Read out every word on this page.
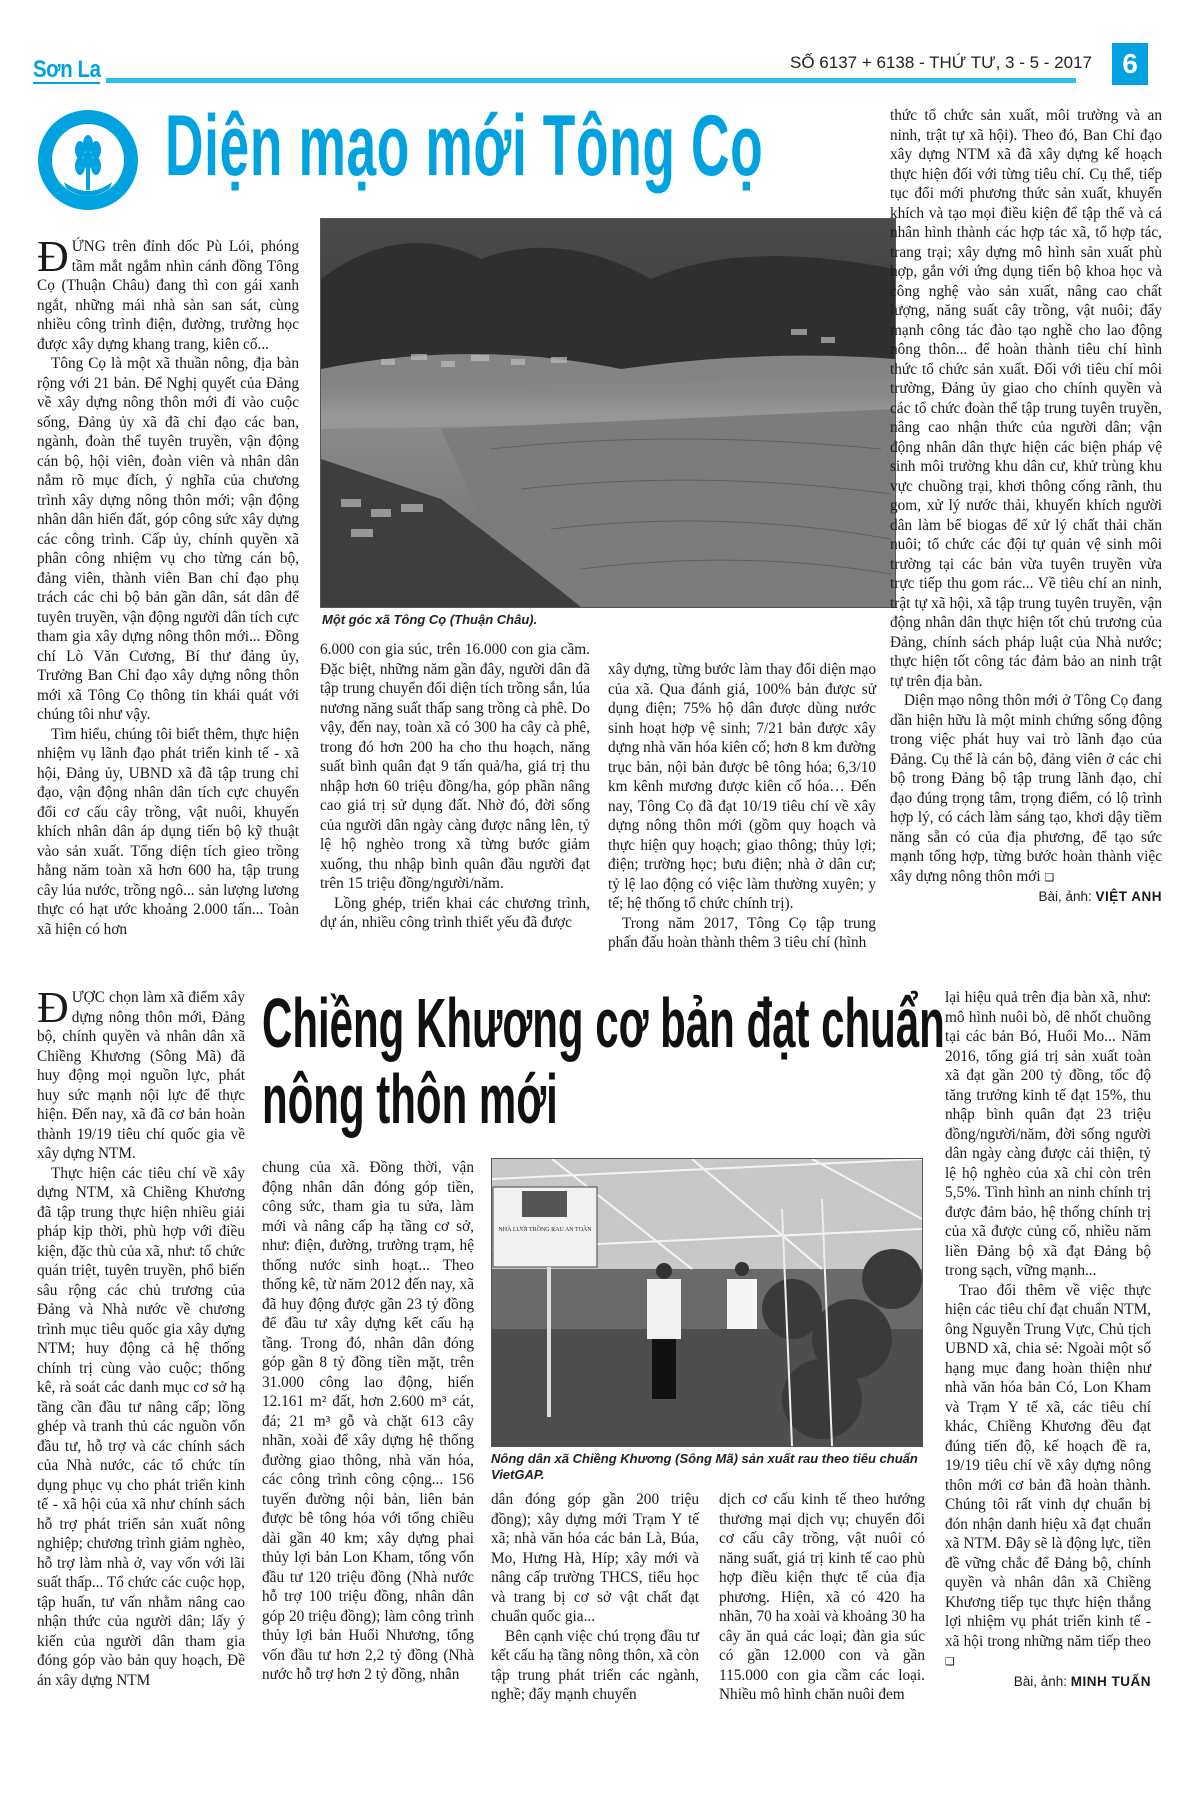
Sơn La	SỐ 6137 + 6138 - THỨ TƯ, 3 - 5 - 2017	6
Diện mạo mới Tông Cọ

ĐỨNG trên đỉnh dốc Pù Lói, phóng tầm mắt ngắm nhìn cánh đồng Tông Cọ (Thuận Châu) đang thì con gái xanh ngắt, những mái nhà sàn san sát, cùng nhiều công trình điện, đường, trường học được xây dựng khang trang, kiên cố...

Tông Cọ là một xã thuần nông, địa bàn rộng với 21 bản. Để Nghị quyết của Đảng về xây dựng nông thôn mới đi vào cuộc sống, Đảng ủy xã đã chỉ đạo các ban, ngành, đoàn thể tuyên truyền, vận động cán bộ, hội viên, đoàn viên và nhân dân nắm rõ mục đích, ý nghĩa của chương trình xây dựng nông thôn mới; vận động nhân dân hiến đất, góp công sức xây dựng các công trình. Cấp ủy, chính quyền xã phân công nhiệm vụ cho từng cán bộ, đảng viên, thành viên Ban chỉ đạo phụ trách các chi bộ bản gần dân, sát dân để tuyên truyền, vận động người dân tích cực tham gia xây dựng nông thôn mới... Đồng chí Lò Văn Cương, Bí thư đảng ủy, Trưởng Ban Chỉ đạo xây dựng nông thôn mới xã Tông Cọ thông tin khái quát với chúng tôi như vậy.

Tìm hiểu, chúng tôi biết thêm, thực hiện nhiệm vụ lãnh đạo phát triển kinh tế - xã hội, Đảng ủy, UBND xã đã tập trung chỉ đạo, vận động nhân dân tích cực chuyển đổi cơ cấu cây trồng, vật nuôi, khuyến khích nhân dân áp dụng tiến bộ kỹ thuật vào sản xuất. Tổng diện tích gieo trồng hằng năm toàn xã hơn 600 ha, tập trung cây lúa nước, trồng ngô... sản lượng lương thực có hạt ước khoảng 2.000 tấn... Toàn xã hiện có hơn

Một góc xã Tông Cọ (Thuận Châu).

6.000 con gia súc, trên 16.000 con gia cầm. Đặc biệt, những năm gần đây, người dân đã tập trung chuyển đổi diện tích trồng sắn, lúa nương năng suất thấp sang trồng cà phê. Do vậy, đến nay, toàn xã có 300 ha cây cà phê, trong đó hơn 200 ha cho thu hoạch, năng suất bình quân đạt 9 tấn quả/ha, giá trị thu nhập hơn 60 triệu đồng/ha, góp phần nâng cao giá trị sử dụng đất. Nhờ đó, đời sống của người dân ngày càng được nâng lên, tỷ lệ hộ nghèo trong xã từng bước giảm xuống, thu nhập bình quân đầu người đạt trên 15 triệu đồng/người/năm.

Lồng ghép, triển khai các chương trình, dự án, nhiều công trình thiết yếu đã được

xây dựng, từng bước làm thay đổi diện mạo của xã. Qua đánh giá, 100% bản được sử dụng điện; 75% hộ dân được dùng nước sinh hoạt hợp vệ sinh; 7/21 bản được xây dựng nhà văn hóa kiên cố; hơn 8 km đường trục bản, nội bản được bê tông hóa; 6,3/10 km kênh mương được kiên cố hóa… Đến nay, Tông Cọ đã đạt 10/19 tiêu chí về xây dựng nông thôn mới (gồm quy hoạch và thực hiện quy hoạch; giao thông; thủy lợi; điện; trường học; bưu điện; nhà ở dân cư; tỷ lệ lao động có việc làm thường xuyên; y tế; hệ thống tổ chức chính trị).

Trong năm 2017, Tông Cọ tập trung phấn đấu hoàn thành thêm 3 tiêu chí (hình

thức tổ chức sản xuất, môi trường và an ninh, trật tự xã hội). Theo đó, Ban Chỉ đạo xây dựng NTM xã đã xây dựng kế hoạch thực hiện đối với từng tiêu chí. Cụ thể, tiếp tục đổi mới phương thức sản xuất, khuyến khích và tạo mọi điều kiện để tập thể và cá nhân hình thành các hợp tác xã, tổ hợp tác, trang trại; xây dựng mô hình sản xuất phù hợp, gắn với ứng dụng tiến bộ khoa học và công nghệ vào sản xuất, nâng cao chất lượng, năng suất cây trồng, vật nuôi; đẩy mạnh công tác đào tạo nghề cho lao động nông thôn... để hoàn thành tiêu chí hình thức tổ chức sản xuất. Đối với tiêu chí môi trường, Đảng ủy giao cho chính quyền và các tổ chức đoàn thể tập trung tuyên truyền, nâng cao nhận thức của người dân; vận động nhân dân thực hiện các biện pháp vệ sinh môi trường khu dân cư, khử trùng khu vực chuồng trại, khơi thông cống rãnh, thu gom, xử lý nước thải, khuyến khích người dân làm bể biogas để xử lý chất thải chăn nuôi; tổ chức các đội tự quản vệ sinh môi trường tại các bản vừa tuyên truyền vừa trực tiếp thu gom rác... Về tiêu chí an ninh, trật tự xã hội, xã tập trung tuyên truyền, vận động nhân dân thực hiện tốt chủ trương của Đảng, chính sách pháp luật của Nhà nước; thực hiện tốt công tác đảm bảo an ninh trật tự trên địa bàn.

Diện mạo nông thôn mới ở Tông Cọ đang dần hiện hữu là một minh chứng sống động trong việc phát huy vai trò lãnh đạo của Đảng. Cụ thể là cán bộ, đảng viên ở các chi bộ trong Đảng bộ tập trung lãnh đạo, chỉ đạo đúng trọng tâm, trọng điểm, có lộ trình hợp lý, có cách làm sáng tạo, khơi dậy tiềm năng sẵn có của địa phương, để tạo sức mạnh tổng hợp, từng bước hoàn thành việc xây dựng nông thôn mới ❑

Bài, ảnh: VIỆT ANH

ĐƯỢC chọn làm xã điểm xây dựng nông thôn mới, Đảng bộ, chính quyền và nhân dân xã Chiềng Khương (Sông Mã) đã huy động mọi nguồn lực, phát huy sức mạnh nội lực để thực hiện. Đến nay, xã đã cơ bản hoàn thành 19/19 tiêu chí quốc gia về xây dựng NTM.

Thực hiện các tiêu chí về xây dựng NTM, xã Chiềng Khương đã tập trung thực hiện nhiều giải pháp kịp thời, phù hợp với điều kiện, đặc thù của xã, như: tổ chức quán triệt, tuyên truyền, phổ biến sâu rộng các chủ trương của Đảng và Nhà nước về chương trình mục tiêu quốc gia xây dựng NTM; huy động cả hệ thống chính trị cùng vào cuộc; thống kê, rà soát các danh mục cơ sở hạ tầng cần đầu tư nâng cấp; lồng ghép và tranh thủ các nguồn vốn đầu tư, hỗ trợ và các chính sách của Nhà nước, các tổ chức tín dụng phục vụ cho phát triển kinh tế - xã hội của xã như chính sách hỗ trợ phát triển sản xuất nông nghiệp; chương trình giảm nghèo, hỗ trợ làm nhà ở, vay vốn với lãi suất thấp... Tổ chức các cuộc họp, tập huấn, tư vấn nhằm nâng cao nhận thức của người dân; lấy ý kiến của người dân tham gia đóng góp vào bản quy hoạch, Đề án xây dựng NTM

Chiềng Khương cơ bản đạt chuẩn
nông thôn mới

chung của xã. Đồng thời, vận động nhân dân đóng góp tiền, công sức, tham gia tu sửa, làm mới và nâng cấp hạ tầng cơ sở, như: điện, đường, trường trạm, hệ thống nước sinh hoạt... Theo thống kê, từ năm 2012 đến nay, xã đã huy động được gần 23 tỷ đồng để đầu tư xây dựng kết cấu hạ tầng. Trong đó, nhân dân đóng góp gần 8 tỷ đồng tiền mặt, trên 31.000 công lao động, hiến 12.161 m² đất, hơn 2.600 m³ cát, đá; 21 m³ gỗ và chặt 613 cây nhãn, xoài để xây dựng hệ thống đường giao thông, nhà văn hóa, các công trình công cộng... 156 tuyến đường nội bản, liên bản được bê tông hóa với tổng chiều dài gần 40 km; xây dựng phai thủy lợi bản Lon Kham, tổng vốn đầu tư 120 triệu đồng (Nhà nước hỗ trợ 100 triệu đồng, nhân dân góp 20 triệu đồng); làm công trình thủy lợi bản Huổi Nhương, tổng vốn đầu tư hơn 2,2 tỷ đồng (Nhà nước hỗ trợ hơn 2 tỷ đồng, nhân

NHÀ LƯỚI TRỒNG RAU AN TOÀN
Nông dân xã Chiềng Khương (Sông Mã) sản xuất rau theo tiêu chuẩn VietGAP.

dân đóng góp gần 200 triệu đồng); xây dựng mới Trạm Y tế xã; nhà văn hóa các bản Là, Búa, Mo, Hưng Hà, Híp; xây mới và nâng cấp trường THCS, tiểu học và trang bị cơ sở vật chất đạt chuẩn quốc gia...

Bên cạnh việc chú trọng đầu tư kết cấu hạ tầng nông thôn, xã còn tập trung phát triển các ngành, nghề; đẩy mạnh chuyển

dịch cơ cấu kinh tế theo hướng thương mại dịch vụ; chuyển đổi cơ cấu cây trồng, vật nuôi có năng suất, giá trị kinh tế cao phù hợp điều kiện thực tế của địa phương. Hiện, xã có 420 ha nhãn, 70 ha xoài và khoảng 30 ha cây ăn quả các loại; đàn gia súc có gần 12.000 con và gần 115.000 con gia cầm các loại. Nhiều mô hình chăn nuôi đem

lại hiệu quả trên địa bàn xã, như: mô hình nuôi bò, dê nhốt chuồng tại các bản Bó, Huổi Mo... Năm 2016, tổng giá trị sản xuất toàn xã đạt gần 200 tỷ đồng, tốc độ tăng trưởng kinh tế đạt 15%, thu nhập bình quân đạt 23 triệu đồng/người/năm, đời sống người dân ngày càng được cải thiện, tỷ lệ hộ nghèo của xã chỉ còn trên 5,5%. Tình hình an ninh chính trị được đảm bảo, hệ thống chính trị của xã được củng cố, nhiều năm liền Đảng bộ xã đạt Đảng bộ trong sạch, vững mạnh...

Trao đổi thêm về việc thực hiện các tiêu chí đạt chuẩn NTM, ông Nguyễn Trung Vực, Chủ tịch UBND xã, chia sẻ: Ngoài một số hạng mục đang hoàn thiện như nhà văn hóa bản Có, Lon Kham và Trạm Y tế xã, các tiêu chí khác, Chiềng Khương đều đạt đúng tiến độ, kế hoạch đề ra, 19/19 tiêu chí về xây dựng nông thôn mới cơ bản đã hoàn thành. Chúng tôi rất vinh dự chuẩn bị đón nhận danh hiệu xã đạt chuẩn xã NTM. Đây sẽ là động lực, tiền đề vững chắc để Đảng bộ, chính quyền và nhân dân xã Chiềng Khương tiếp tục thực hiện thắng lợi nhiệm vụ phát triển kinh tế - xã hội trong những năm tiếp theo ❑

Bài, ảnh: MINH TUẤN
